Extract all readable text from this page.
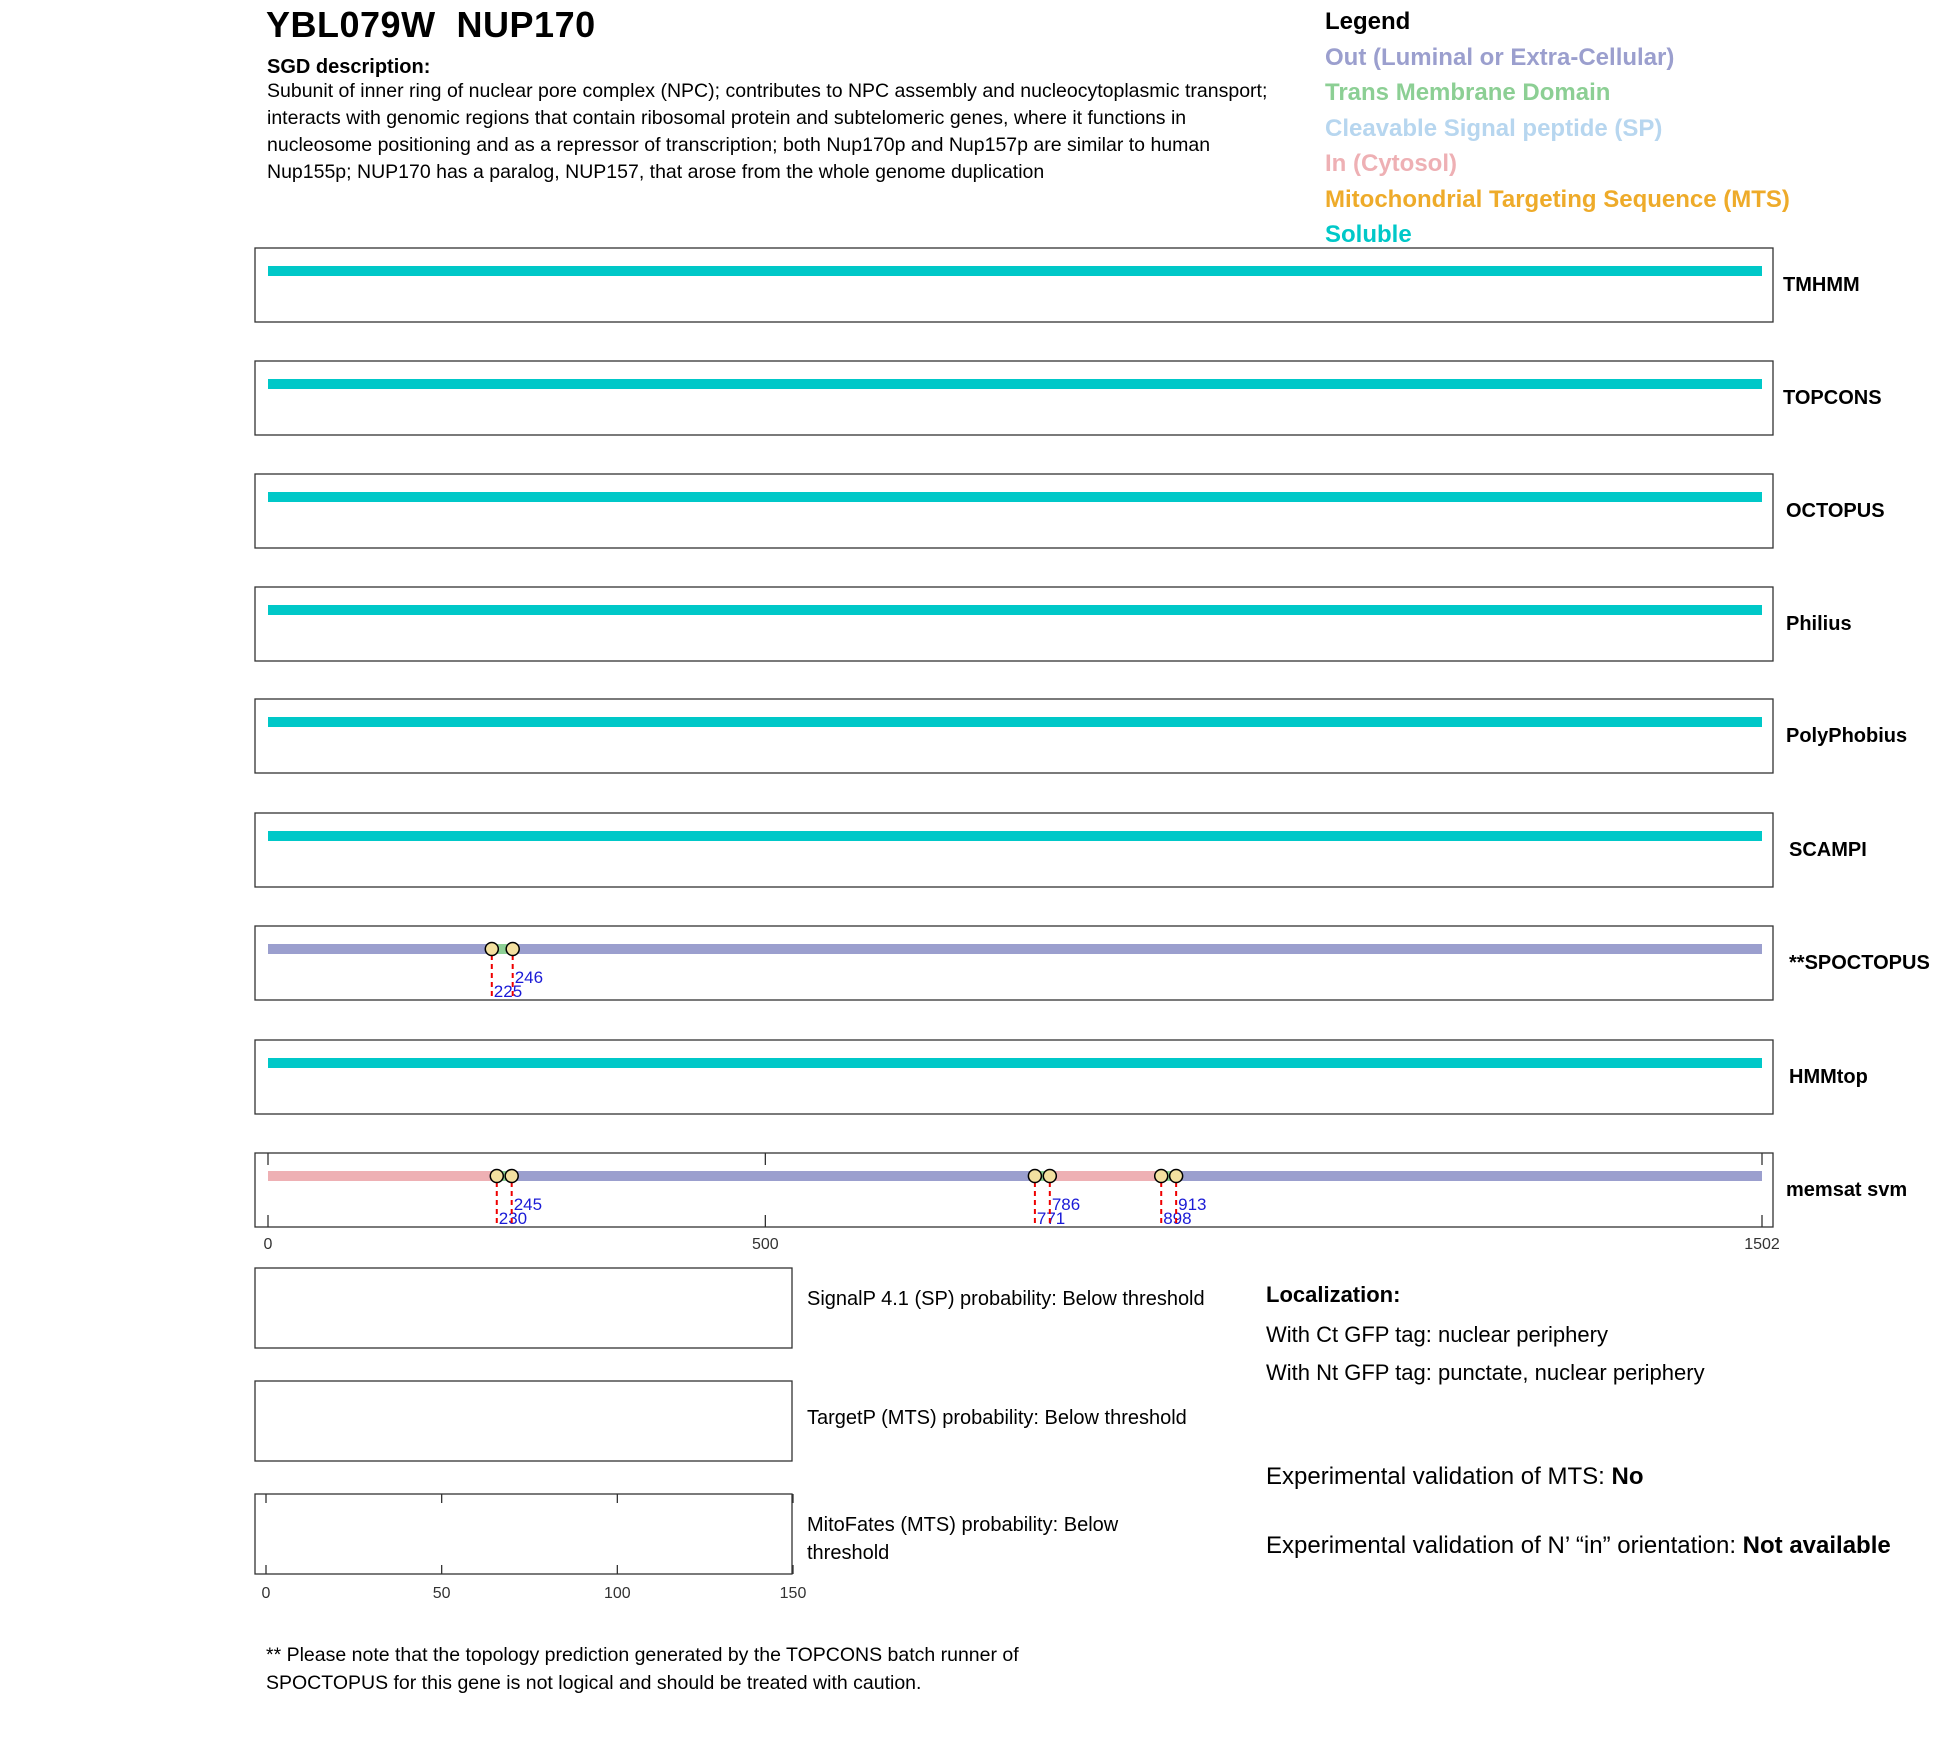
YBL079W  NUP170
SGD description:
Subunit of inner ring of nuclear pore complex (NPC); contributes to NPC assembly and nucleocytoplasmic transport; interacts with genomic regions that contain ribosomal protein and subtelomeric genes, where it functions in nucleosome positioning and as a repressor of transcription; both Nup170p and Nup157p are similar to human Nup155p; NUP170 has a paralog, NUP157, that arose from the whole genome duplication
Legend
Out (Luminal or Extra-Cellular)
Trans Membrane Domain
Cleavable Signal peptide (SP)
In (Cytosol)
Mitochondrial Targeting Sequence (MTS)
Soluble
TMHMM
TOPCONS
OCTOPUS
Philius
PolyPhobius
SCAMPI
225
246
**SPOCTOPUS
HMMtop
230
245
771
786
898
913
memsat svm
0	500	1502
SignalP 4.1 (SP) probability: Below threshold
TargetP (MTS) probability: Below threshold
MitoFates (MTS) probability: Below threshold
0	50	100	150
Localization:
With Ct GFP tag: nuclear periphery
With Nt GFP tag: punctate, nuclear periphery
Experimental validation of MTS: No
Experimental validation of N’ “in” orientation: Not available
** Please note that the topology prediction generated by the TOPCONS batch runner of SPOCTOPUS for this gene is not logical and should be treated with caution.
